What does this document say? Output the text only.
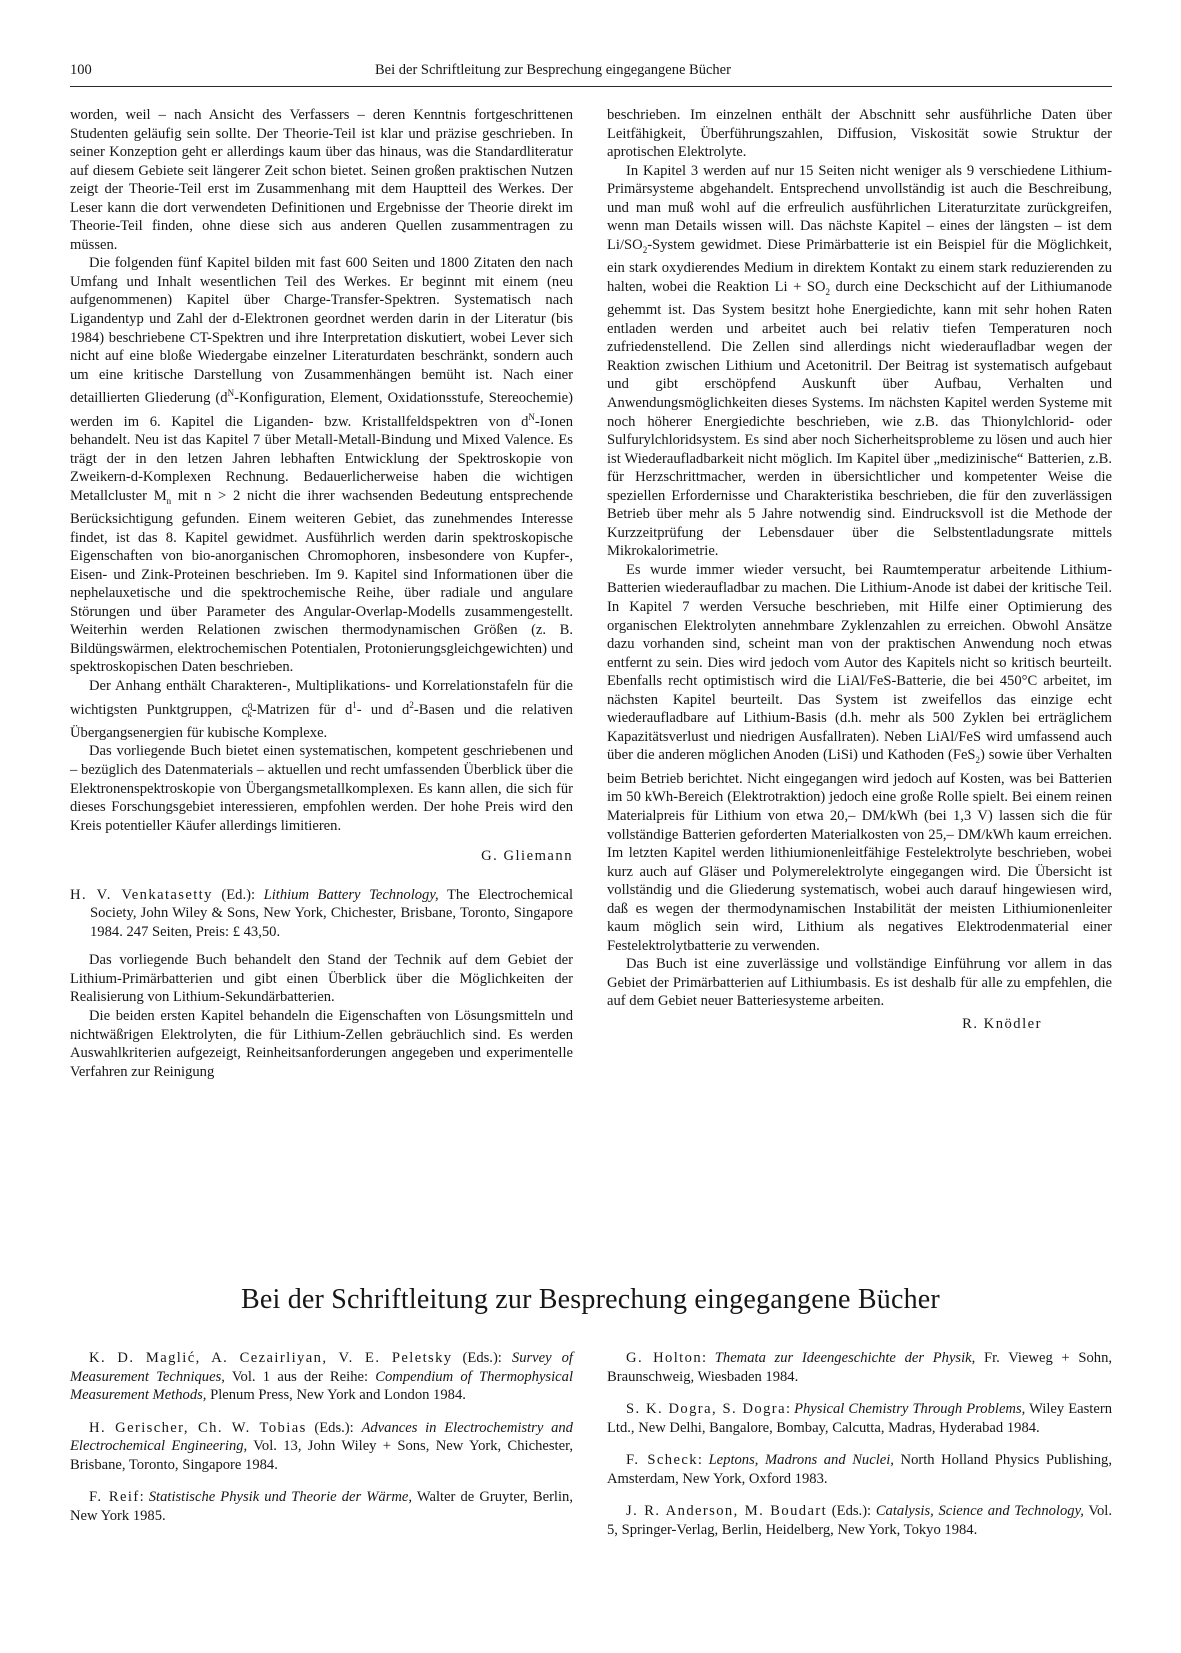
100	Bei der Schriftleitung zur Besprechung eingegangene Bücher

worden, weil – nach Ansicht des Verfassers – deren Kenntnis fortgeschrittenen Studenten geläufig sein sollte. Der Theorie-Teil ist klar und präzise geschrieben. In seiner Konzeption geht er allerdings kaum über das hinaus, was die Standardliteratur auf diesem Gebiete seit längerer Zeit schon bietet. Seinen großen praktischen Nutzen zeigt der Theorie-Teil erst im Zusammenhang mit dem Hauptteil des Werkes. Der Leser kann die dort verwendeten Definitionen und Ergebnisse der Theorie direkt im Theorie-Teil finden, ohne diese sich aus anderen Quellen zusammentragen zu müssen.

Die folgenden fünf Kapitel bilden mit fast 600 Seiten und 1800 Zitaten den nach Umfang und Inhalt wesentlichen Teil des Werkes. Er beginnt mit einem (neu aufgenommenen) Kapitel über Charge-Transfer-Spektren. Systematisch nach Ligandentyp und Zahl der d-Elektronen geordnet werden darin in der Literatur (bis 1984) beschriebene CT-Spektren und ihre Interpretation diskutiert, wobei Lever sich nicht auf eine bloße Wiedergabe einzelner Literaturdaten beschränkt, sondern auch um eine kritische Darstellung von Zusammenhängen bemüht ist. Nach einer detaillierten Gliederung ($d^N$-Konfiguration, Element, Oxidationsstufe, Stereochemie) werden im 6. Kapitel die Liganden- bzw. Kristallfeldspektren von $d^N$-Ionen behandelt. Neu ist das Kapitel 7 über Metall-Metall-Bindung und Mixed Valence. Es trägt der in den letzen Jahren lebhaften Entwicklung der Spektroskopie von Zweikern-d-Komplexen Rechnung. Bedauerlicherweise haben die wichtigen Metallcluster $M_n$ mit n > 2 nicht die ihrer wachsenden Bedeutung entsprechende Berücksichtigung gefunden. Einem weiteren Gebiet, das zunehmendes Interesse findet, ist das 8. Kapitel gewidmet. Ausführlich werden darin spektroskopische Eigenschaften von bio-anorganischen Chromophoren, insbesondere von Kupfer-, Eisen- und Zink-Proteinen beschrieben. Im 9. Kapitel sind Informationen über die nephelauxetische und die spektrochemische Reihe, über radiale und angulare Störungen und über Parameter des Angular-Overlap-Modells zusammengestellt. Weiterhin werden Relationen zwischen thermodynamischen Größen (z. B. Bildüngswärmen, elektrochemischen Potentialen, Protonierungsgleichgewichten) und spektroskopischen Daten beschrieben.

Der Anhang enthält Charakteren-, Multiplikations- und Korrelationstafeln für die wichtigsten Punktgruppen, $c^q_k$-Matrizen für $d^1-$ und $d^2$-Basen und die relativen Übergangsenergien für kubische Komplexe.

Das vorliegende Buch bietet einen systematischen, kompetent geschriebenen und – bezüglich des Datenmaterials – aktuellen und recht umfassenden Überblick über die Elektronenspektroskopie von Übergangsmetallkomplexen. Es kann allen, die sich für dieses Forschungsgebiet interessieren, empfohlen werden. Der hohe Preis wird den Kreis potentieller Käufer allerdings limitieren.

G. Gliemann

H. V. Venkatasetty (Ed.): Lithium Battery Technology, The Electrochemical Society, John Wiley & Sons, New York, Chichester, Brisbane, Toronto, Singapore 1984. 247 Seiten, Preis: £ 43,50.

Das vorliegende Buch behandelt den Stand der Technik auf dem Gebiet der Lithium-Primärbatterien und gibt einen Überblick über die Möglichkeiten der Realisierung von Lithium-Sekundärbatterien.

Die beiden ersten Kapitel behandeln die Eigenschaften von Lösungsmitteln und nichtwäßrigen Elektrolyten, die für Lithium-Zellen gebräuchlich sind. Es werden Auswahlkriterien aufgezeigt, Reinheitsanforderungen angegeben und experimentelle Verfahren zur Reinigung

beschrieben. Im einzelnen enthält der Abschnitt sehr ausführliche Daten über Leitfähigkeit, Überführungszahlen, Diffusion, Viskosität sowie Struktur der aprotischen Elektrolyte.

In Kapitel 3 werden auf nur 15 Seiten nicht weniger als 9 verschiedene Lithium-Primärsysteme abgehandelt. Entsprechend unvollständig ist auch die Beschreibung, und man muß wohl auf die erfreulich ausführlichen Literaturzitate zurückgreifen, wenn man Details wissen will. Das nächste Kapitel – eines der längsten – ist dem $Li/SO_2$-System gewidmet. Diese Primärbatterie ist ein Beispiel für die Möglichkeit, ein stark oxydierendes Medium in direktem Kontakt zu einem stark reduzierenden zu halten, wobei die Reaktion $Li + SO_2$ durch eine Deckschicht auf der Lithiumanode gehemmt ist. Das System besitzt hohe Energiedichte, kann mit sehr hohen Raten entladen werden und arbeitet auch bei relativ tiefen Temperaturen noch zufriedenstellend. Die Zellen sind allerdings nicht wiederaufladbar wegen der Reaktion zwischen Lithium und Acetonitril. Der Beitrag ist systematisch aufgebaut und gibt erschöpfend Auskunft über Aufbau, Verhalten und Anwendungsmöglichkeiten dieses Systems. Im nächsten Kapitel werden Systeme mit noch höherer Energiedichte beschrieben, wie z.B. das Thionylchlorid- oder Sulfurylchloridsystem. Es sind aber noch Sicherheitsprobleme zu lösen und auch hier ist Wiederaufladbarkeit nicht möglich. Im Kapitel über „medizinische“ Batterien, z.B. für Herzschrittmacher, werden in übersichtlicher und kompetenter Weise die speziellen Erfordernisse und Charakteristika beschrieben, die für den zuverlässigen Betrieb über mehr als 5 Jahre notwendig sind. Eindrucksvoll ist die Methode der Kurzzeitprüfung der Lebensdauer über die Selbstentladungsrate mittels Mikrokalorimetrie.

Es wurde immer wieder versucht, bei Raumtemperatur arbeitende Lithium-Batterien wiederaufladbar zu machen. Die Lithium-Anode ist dabei der kritische Teil. In Kapitel 7 werden Versuche beschrieben, mit Hilfe einer Optimierung des organischen Elektrolyten annehmbare Zyklenzahlen zu erreichen. Obwohl Ansätze dazu vorhanden sind, scheint man von der praktischen Anwendung noch etwas entfernt zu sein. Dies wird jedoch vom Autor des Kapitels nicht so kritisch beurteilt. Ebenfalls recht optimistisch wird die LiAl/FeS-Batterie, die bei 450°C arbeitet, im nächsten Kapitel beurteilt. Das System ist zweifellos das einzige echt wiederaufladbare auf Lithium-Basis (d.h. mehr als 500 Zyklen bei erträglichem Kapazitätsverlust und niedrigen Ausfallraten). Neben LiAl/FeS wird umfassend auch über die anderen möglichen Anoden (LiSi) und Kathoden (FeS$_2$) sowie über Verhalten beim Betrieb berichtet. Nicht eingegangen wird jedoch auf Kosten, was bei Batterien im 50 kWh-Bereich (Elektrotraktion) jedoch eine große Rolle spielt. Bei einem reinen Materialpreis für Lithium von etwa 20,– DM/kWh (bei 1,3 V) lassen sich die für vollständige Batterien geforderten Materialkosten von 25,– DM/kWh kaum erreichen. Im letzten Kapitel werden lithiumionenleitfähige Festelektrolyte beschrieben, wobei kurz auch auf Gläser und Polymerelektrolyte eingegangen wird. Die Übersicht ist vollständig und die Gliederung systematisch, wobei auch darauf hingewiesen wird, daß es wegen der thermodynamischen Instabilität der meisten Lithiumionenleiter kaum möglich sein wird, Lithium als negatives Elektrodenmaterial einer Festelektrolytbatterie zu verwenden.

Das Buch ist eine zuverlässige und vollständige Einführung vor allem in das Gebiet der Primärbatterien auf Lithiumbasis. Es ist deshalb für alle zu empfehlen, die auf dem Gebiet neuer Batteriesysteme arbeiten.

R. Knödler

Bei der Schriftleitung zur Besprechung eingegangene Bücher

K. D. Maglić, A. Cezairliyan, V. E. Peletsky (Eds.): Survey of Measurement Techniques, Vol. 1 aus der Reihe: Compendium of Thermophysical Measurement Methods, Plenum Press, New York and London 1984.

H. Gerischer, Ch. W. Tobias (Eds.): Advances in Electrochemistry and Electrochemical Engineering, Vol. 13, John Wiley + Sons, New York, Chichester, Brisbane, Toronto, Singapore 1984.

F. Reif: Statistische Physik und Theorie der Wärme, Walter de Gruyter, Berlin, New York 1985.

G. Holton: Themata zur Ideengeschichte der Physik, Fr. Vieweg + Sohn, Braunschweig, Wiesbaden 1984.

S. K. Dogra, S. Dogra: Physical Chemistry Through Problems, Wiley Eastern Ltd., New Delhi, Bangalore, Bombay, Calcutta, Madras, Hyderabad 1984.

F. Scheck: Leptons, Madrons and Nuclei, North Holland Physics Publishing, Amsterdam, New York, Oxford 1983.

J. R. Anderson, M. Boudart (Eds.): Catalysis, Science and Technology, Vol. 5, Springer-Verlag, Berlin, Heidelberg, New York, Tokyo 1984.
